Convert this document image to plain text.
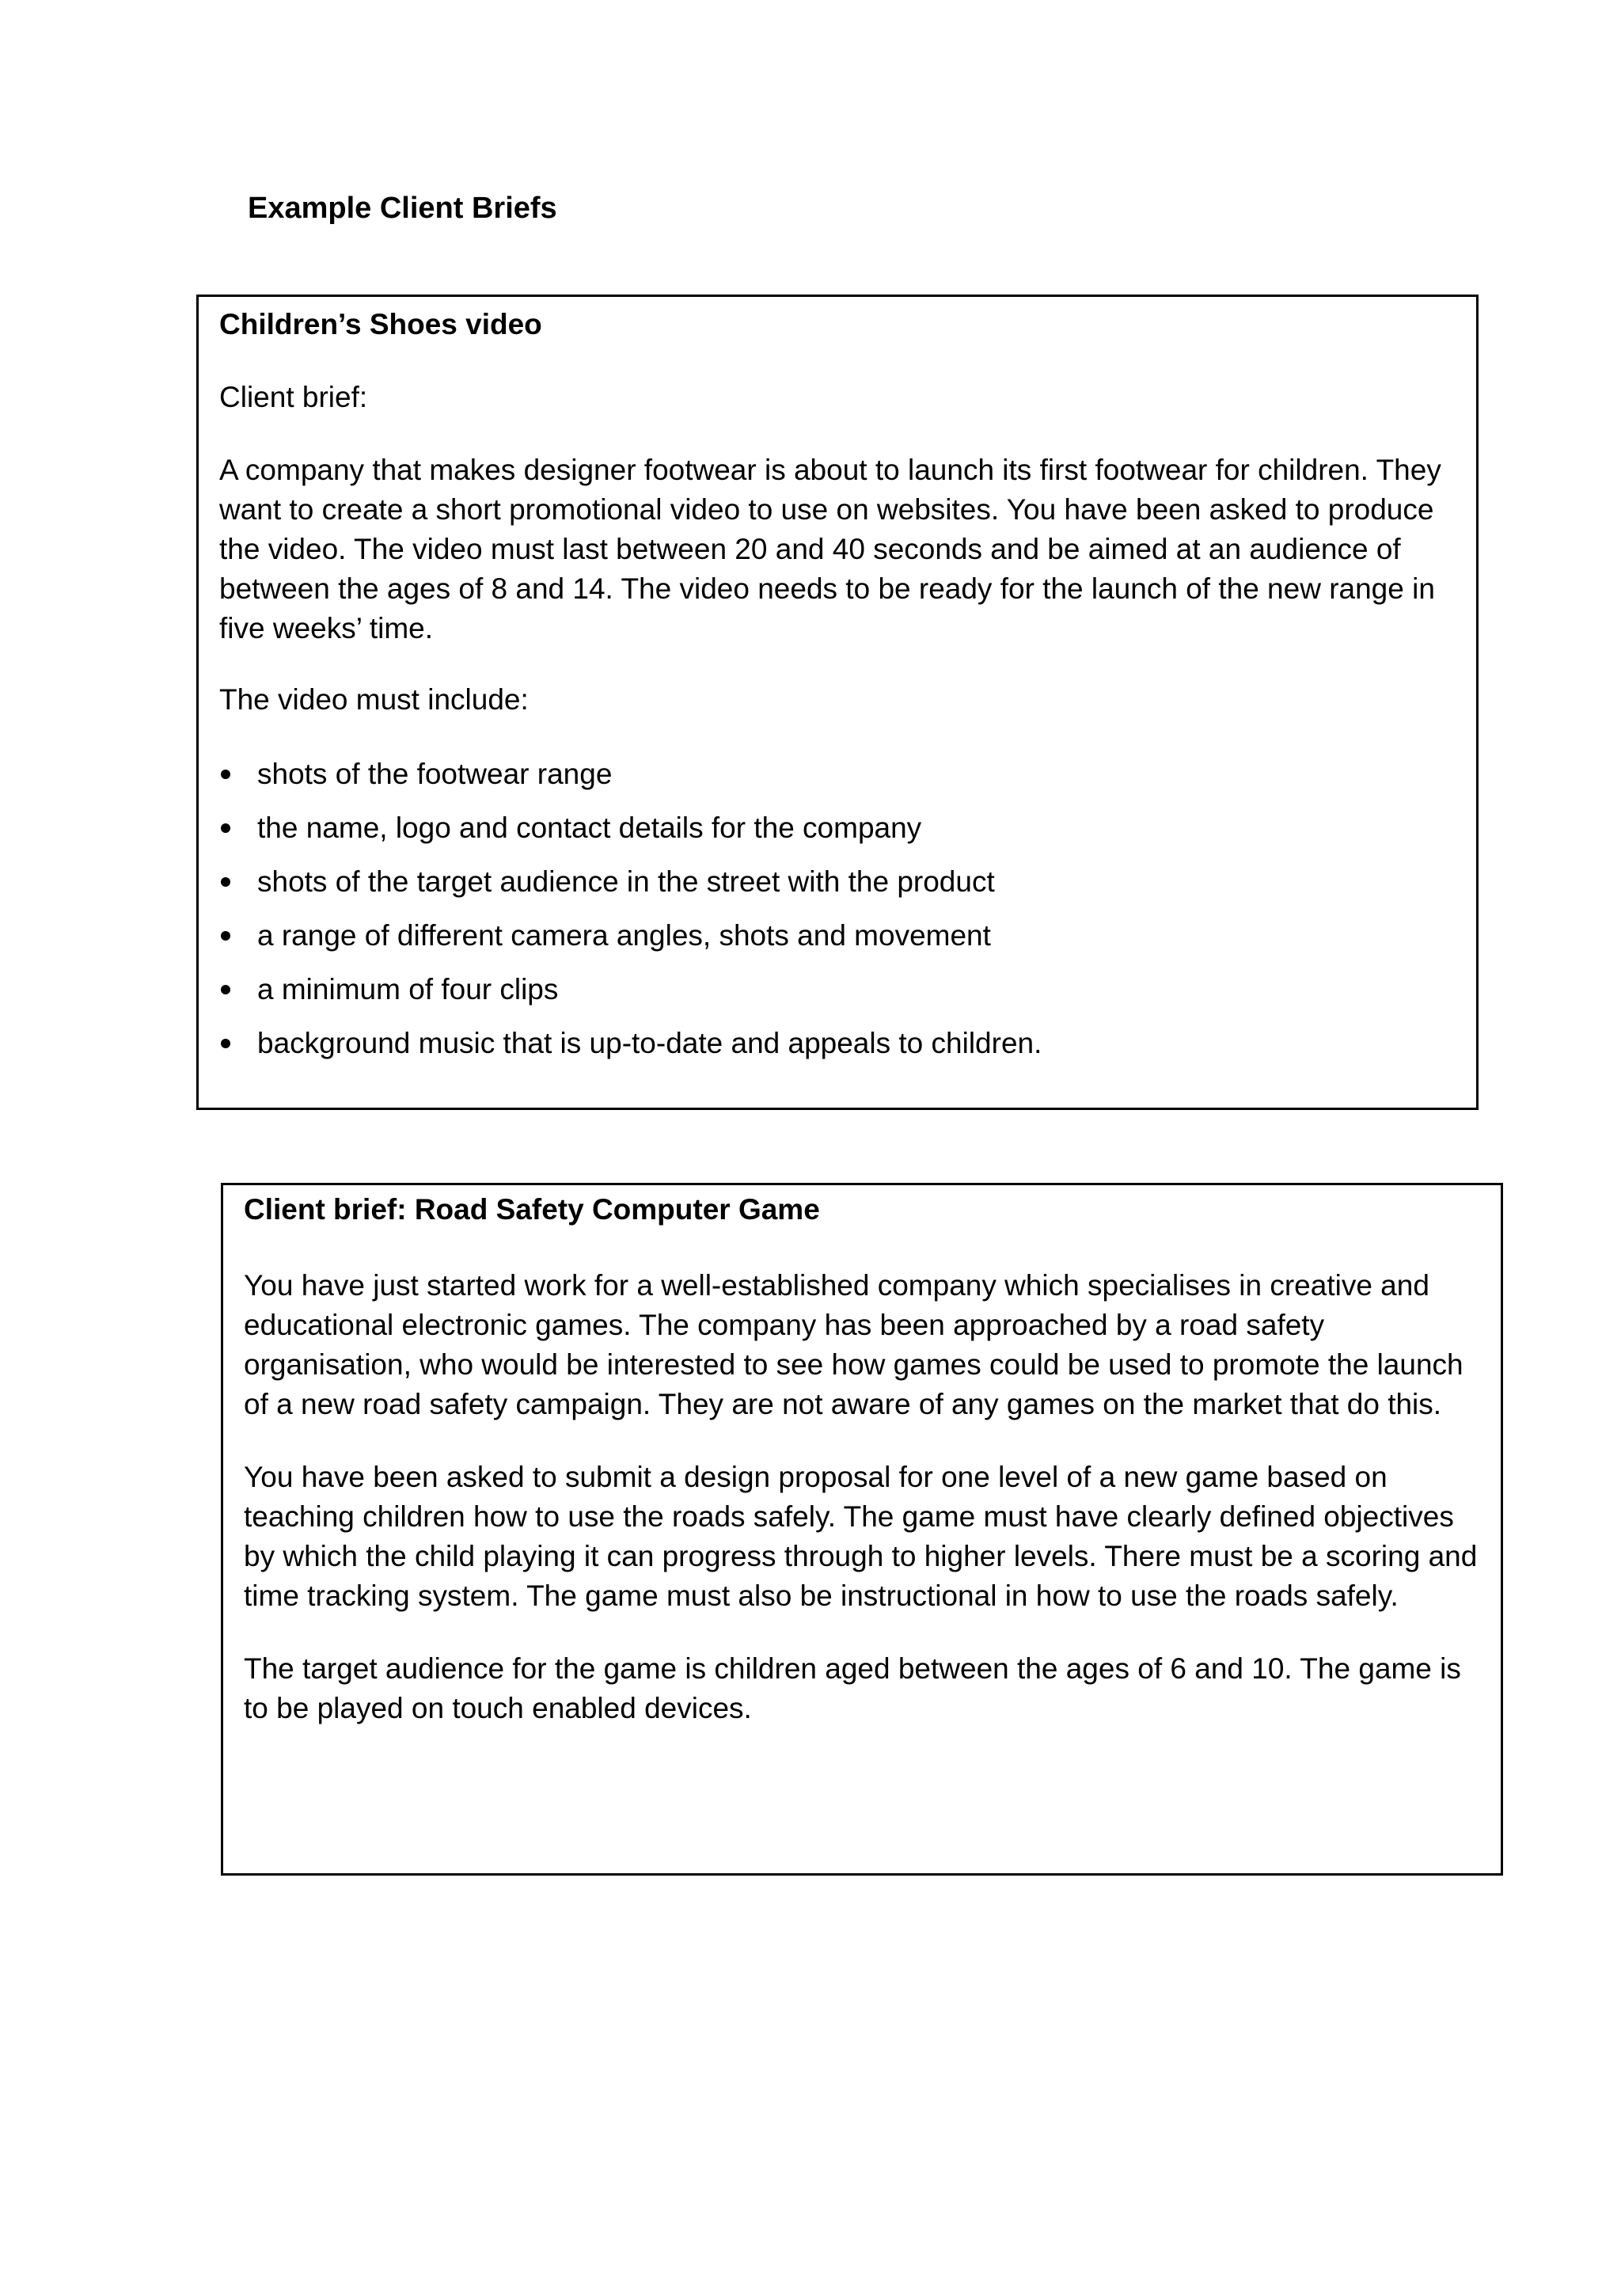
Example Client Briefs

Children’s Shoes video

Client brief:

A company that makes designer footwear is about to launch its first footwear for children. They want to create a short promotional video to use on websites. You have been asked to produce the video. The video must last between 20 and 40 seconds and be aimed at an audience of between the ages of 8 and 14. The video needs to be ready for the launch of the new range in five weeks’ time.

The video must include:

shots of the footwear range
the name, logo and contact details for the company
shots of the target audience in the street with the product
a range of different camera angles, shots and movement
a minimum of four clips
background music that is up-to-date and appeals to children.

Client brief: Road Safety Computer Game

You have just started work for a well-established company which specialises in creative and educational electronic games. The company has been approached by a road safety organisation, who would be interested to see how games could be used to promote the launch of a new road safety campaign. They are not aware of any games on the market that do this.

You have been asked to submit a design proposal for one level of a new game based on teaching children how to use the roads safely. The game must have clearly defined objectives by which the child playing it can progress through to higher levels. There must be a scoring and time tracking system. The game must also be instructional in how to use the roads safely.

The target audience for the game is children aged between the ages of 6 and 10. The game is to be played on touch enabled devices.
